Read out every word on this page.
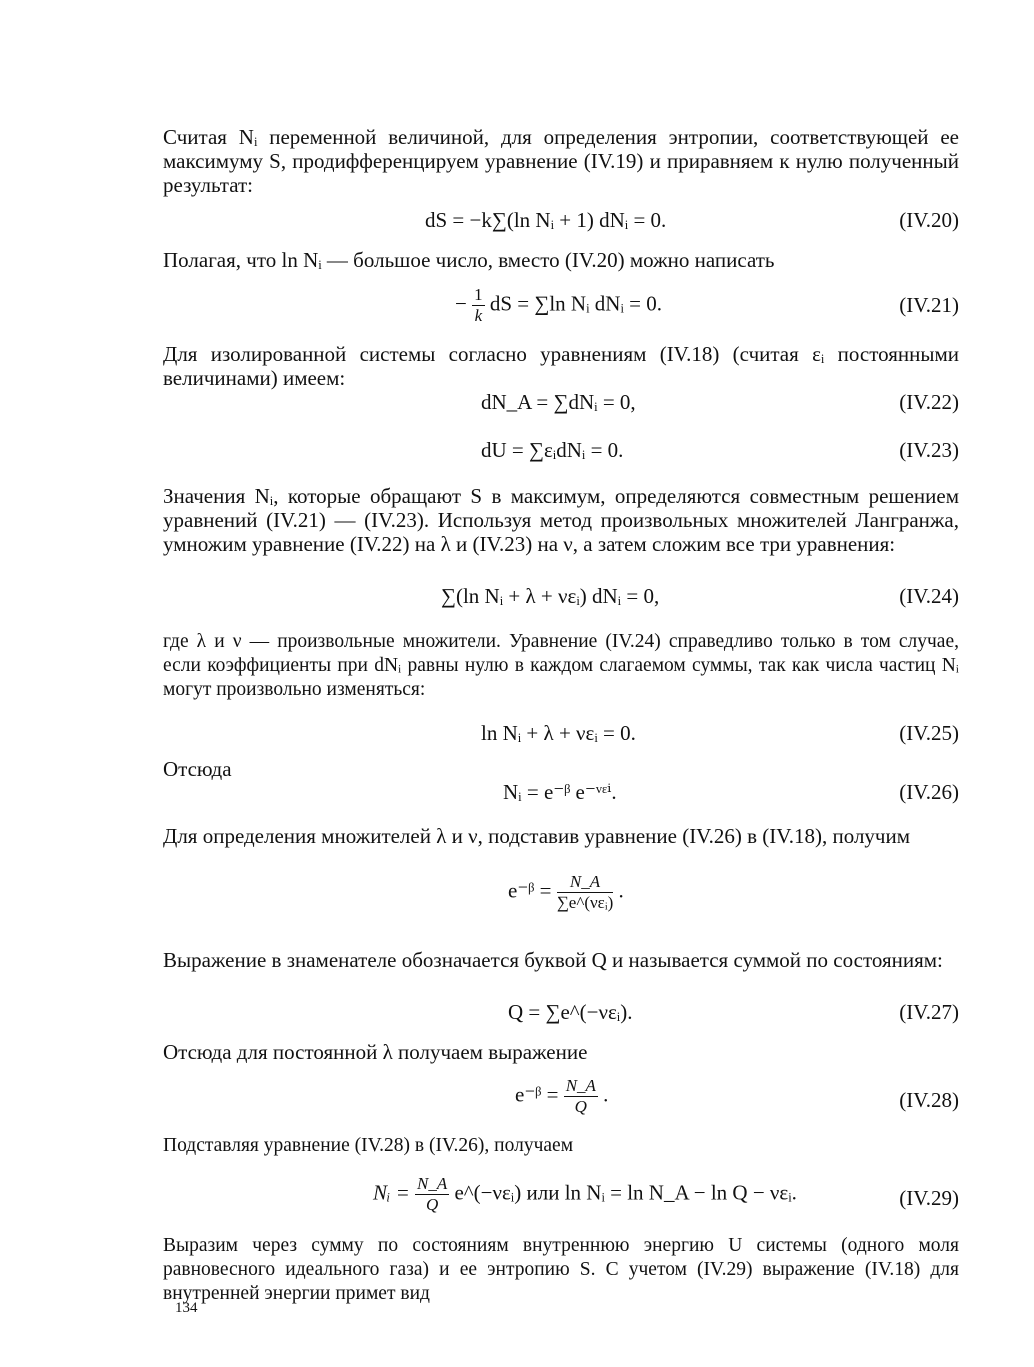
Считая Nᵢ переменной величиной, для определения энтропии, соответствующей ее максимуму S, продифференцируем уравнение (IV.19) и приравняем к нулю полученный результат:
dS = −k∑(ln Nᵢ + 1) dNᵢ = 0.	(IV.20)
Полагая, что ln Nᵢ — большое число, вместо (IV.20) можно написать
− $\frac{1}{k}$ dS = ∑ln Nᵢ dNᵢ = 0.	(IV.21)
Для изолированной системы согласно уравнениям (IV.18) (считая εᵢ постоянными величинами) имеем:
dN_A = ∑dNᵢ = 0,	(IV.22)
dU = ∑εᵢdNᵢ = 0.	(IV.23)
Значения Nᵢ, которые обращают S в максимум, определяются совместным решением уравнений (IV.21) — (IV.23). Используя метод произвольных множителей Лангранжа, умножим уравнение (IV.22) на λ и (IV.23) на ν, а затем сложим все три уравнения:
∑(ln Nᵢ + λ + νεᵢ) dNᵢ = 0,	(IV.24)
где λ и ν — произвольные множители. Уравнение (IV.24) справедливо только в том случае, если коэффициенты при dNᵢ равны нулю в каждом слагаемом суммы, так как числа частиц Nᵢ могут произвольно изменяться:
ln Nᵢ + λ + νεᵢ = 0.	(IV.25)
Отсюда
Nᵢ = e⁻ᵝ e⁻ᵛᵋⁱ.	(IV.26)
Для определения множителей λ и ν, подставив уравнение (IV.26) в (IV.18), получим
e⁻ᵝ = $\frac{N\_A}{\text{∑e\textasciicircum{}(νεᵢ)}}$ .
Выражение в знаменателе обозначается буквой Q и называется суммой по состояниям:
Q = ∑e^(−νεᵢ).	(IV.27)
Отсюда для постоянной λ получаем выражение
e⁻ᵝ = $\frac{N\_A}{Q}$ .	(IV.28)
Подставляя уравнение (IV.28) в (IV.26), получаем
Nᵢ = $\frac{N\_A}{Q}$ e^(−νεᵢ) или ln Nᵢ = ln N_A − ln Q − νεᵢ.	(IV.29)
Выразим через сумму по состояниям внутреннюю энергию U системы (одного моля равновесного идеального газа) и ее энтропию S. С учетом (IV.29) выражение (IV.18) для внутренней энергии примет вид
134
